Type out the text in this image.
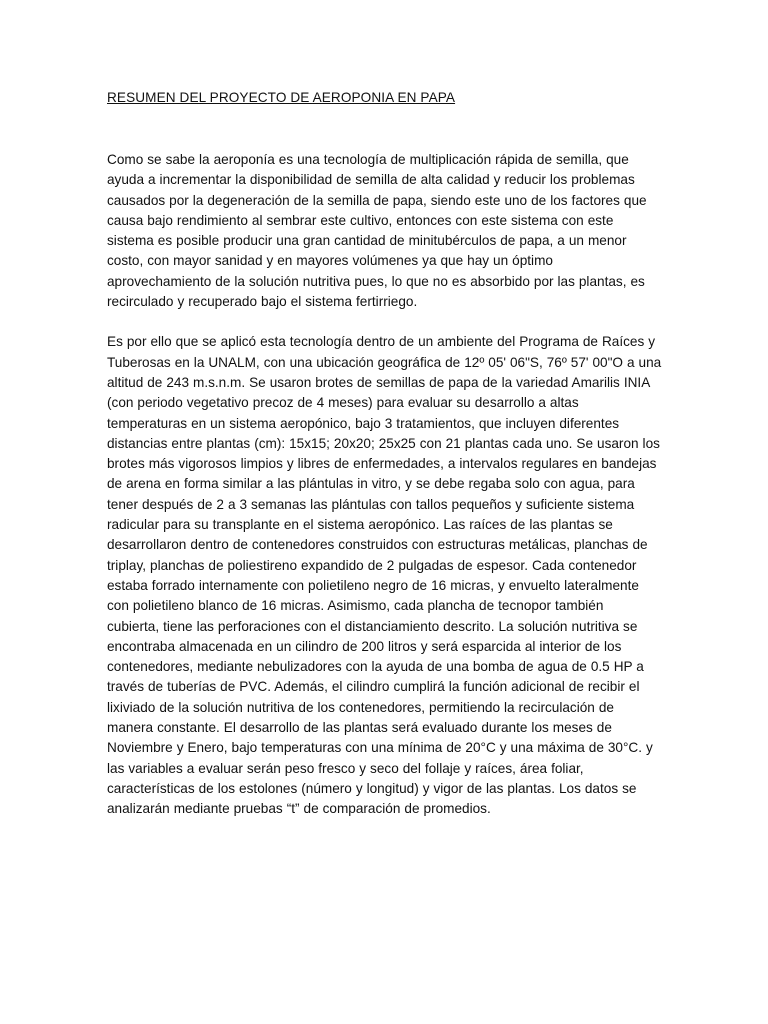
RESUMEN DEL PROYECTO DE AEROPONIA EN PAPA
Como se sabe la aeroponía es una tecnología de multiplicación rápida de semilla, que
ayuda a incrementar la disponibilidad de semilla de alta calidad y reducir los problemas
causados por la degeneración de la semilla de papa, siendo este uno de los factores que
causa bajo rendimiento al sembrar este cultivo, entonces con este sistema con este
sistema es posible producir una gran cantidad de minitubérculos de papa, a un menor
costo, con mayor sanidad y en mayores volúmenes ya que hay un óptimo
aprovechamiento de la solución nutritiva pues, lo que no es absorbido por las plantas, es
recirculado y recuperado bajo el sistema fertirriego.
Es por ello que se aplicó esta tecnología dentro de un ambiente del Programa de Raíces y
Tuberosas en la UNALM, con una ubicación geográfica de 12º 05' 06"S, 76º 57' 00"O a una
altitud de 243 m.s.n.m. Se usaron brotes de semillas de papa de la variedad Amarilis INIA
(con periodo vegetativo precoz de 4 meses) para evaluar su desarrollo a altas
temperaturas en un sistema aeropónico, bajo 3 tratamientos, que incluyen diferentes
distancias entre plantas (cm): 15x15; 20x20; 25x25 con 21 plantas cada uno. Se usaron los
brotes más vigorosos limpios y libres de enfermedades, a intervalos regulares en bandejas
de arena en forma similar a las plántulas in vitro, y se debe regaba solo con agua, para
tener después de 2 a 3 semanas las plántulas con tallos pequeños y suficiente sistema
radicular para su transplante en el sistema aeropónico. Las raíces de las plantas se
desarrollaron dentro de contenedores construidos con estructuras metálicas, planchas de
triplay, planchas de poliestireno expandido de 2 pulgadas de espesor. Cada contenedor
estaba forrado internamente con polietileno negro de 16 micras, y envuelto lateralmente
con polietileno blanco de 16 micras. Asimismo, cada plancha de tecnopor también
cubierta, tiene las perforaciones con el distanciamiento descrito. La solución nutritiva se
encontraba almacenada en un cilindro de 200 litros y será esparcida al interior de los
contenedores, mediante nebulizadores con la ayuda de una bomba de agua de 0.5 HP a
través de tuberías de PVC. Además, el cilindro cumplirá la función adicional de recibir el
lixiviado de la solución nutritiva de los contenedores, permitiendo la recirculación de
manera constante. El desarrollo de las plantas será evaluado durante los meses de
Noviembre y Enero, bajo temperaturas con una mínima de 20°C y una máxima de 30°C. y
las variables a evaluar serán peso fresco y seco del follaje y raíces, área foliar,
características de los estolones (número y longitud) y vigor de las plantas. Los datos se
analizarán mediante pruebas “t” de comparación de promedios.
